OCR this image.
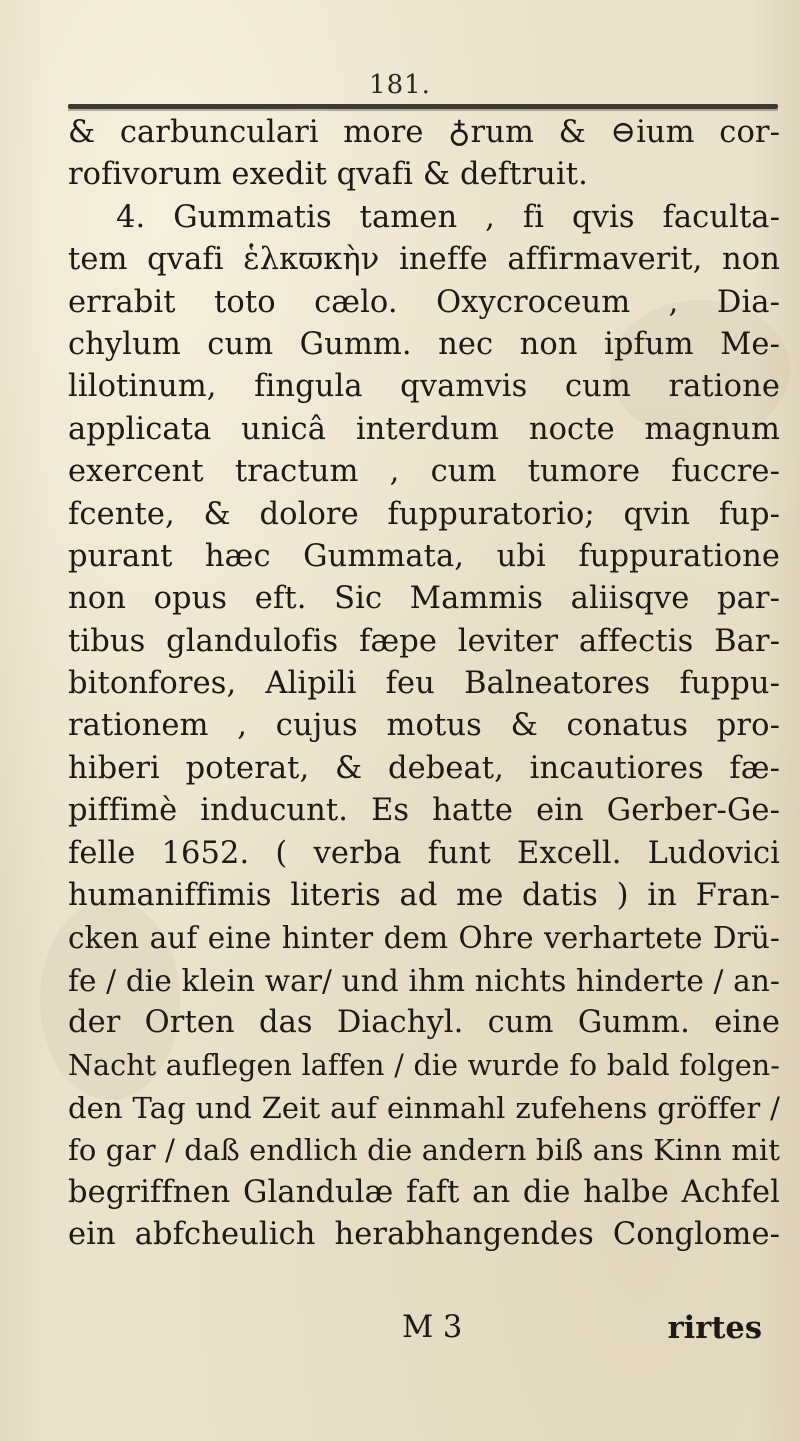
181.
& carbunculari more ♁rum & ⊖ium cor-
rofivorum exedit qvafi & deftruit.
4. Gummatis tamen , fi qvis faculta-
tem qvafi ἑλκϖκὴν ineffe affirmaverit, non
errabit toto cælo. Oxycroceum , Dia-
chylum cum Gumm. nec non ipfum Me-
lilotinum, fingula qvamvis cum ratione
applicata unicâ interdum nocte magnum
exercent tractum , cum tumore fuccre-
fcente, & dolore fuppuratorio; qvin fup-
purant hæc Gummata, ubi fuppuratione
non opus eft. Sic Mammis aliisqve par-
tibus glandulofis fæpe leviter affectis Bar-
bitonfores, Alipili feu Balneatores fuppu-
rationem , cujus motus & conatus pro-
hiberi poterat, & debeat, incautiores fæ-
piffimè inducunt. Es hatte ein Gerber-Ge-
felle 1652. ( verba funt Excell. Ludovici
humaniffimis literis ad me datis ) in Fran-
cken auf eine hinter dem Ohre verhartete Drü-
fe / die klein war/ und ihm nichts hinderte / an-
der Orten das Diachyl. cum Gumm. eine
Nacht auflegen laffen / die wurde fo bald folgen-
den Tag und Zeit auf einmahl zufehens gröffer /
fo gar / daß endlich die andern biß ans Kinn mit
begriffnen Glandulæ faft an die halbe Achfel
ein abfcheulich herabhangendes Conglome-
M 3	rirtes
